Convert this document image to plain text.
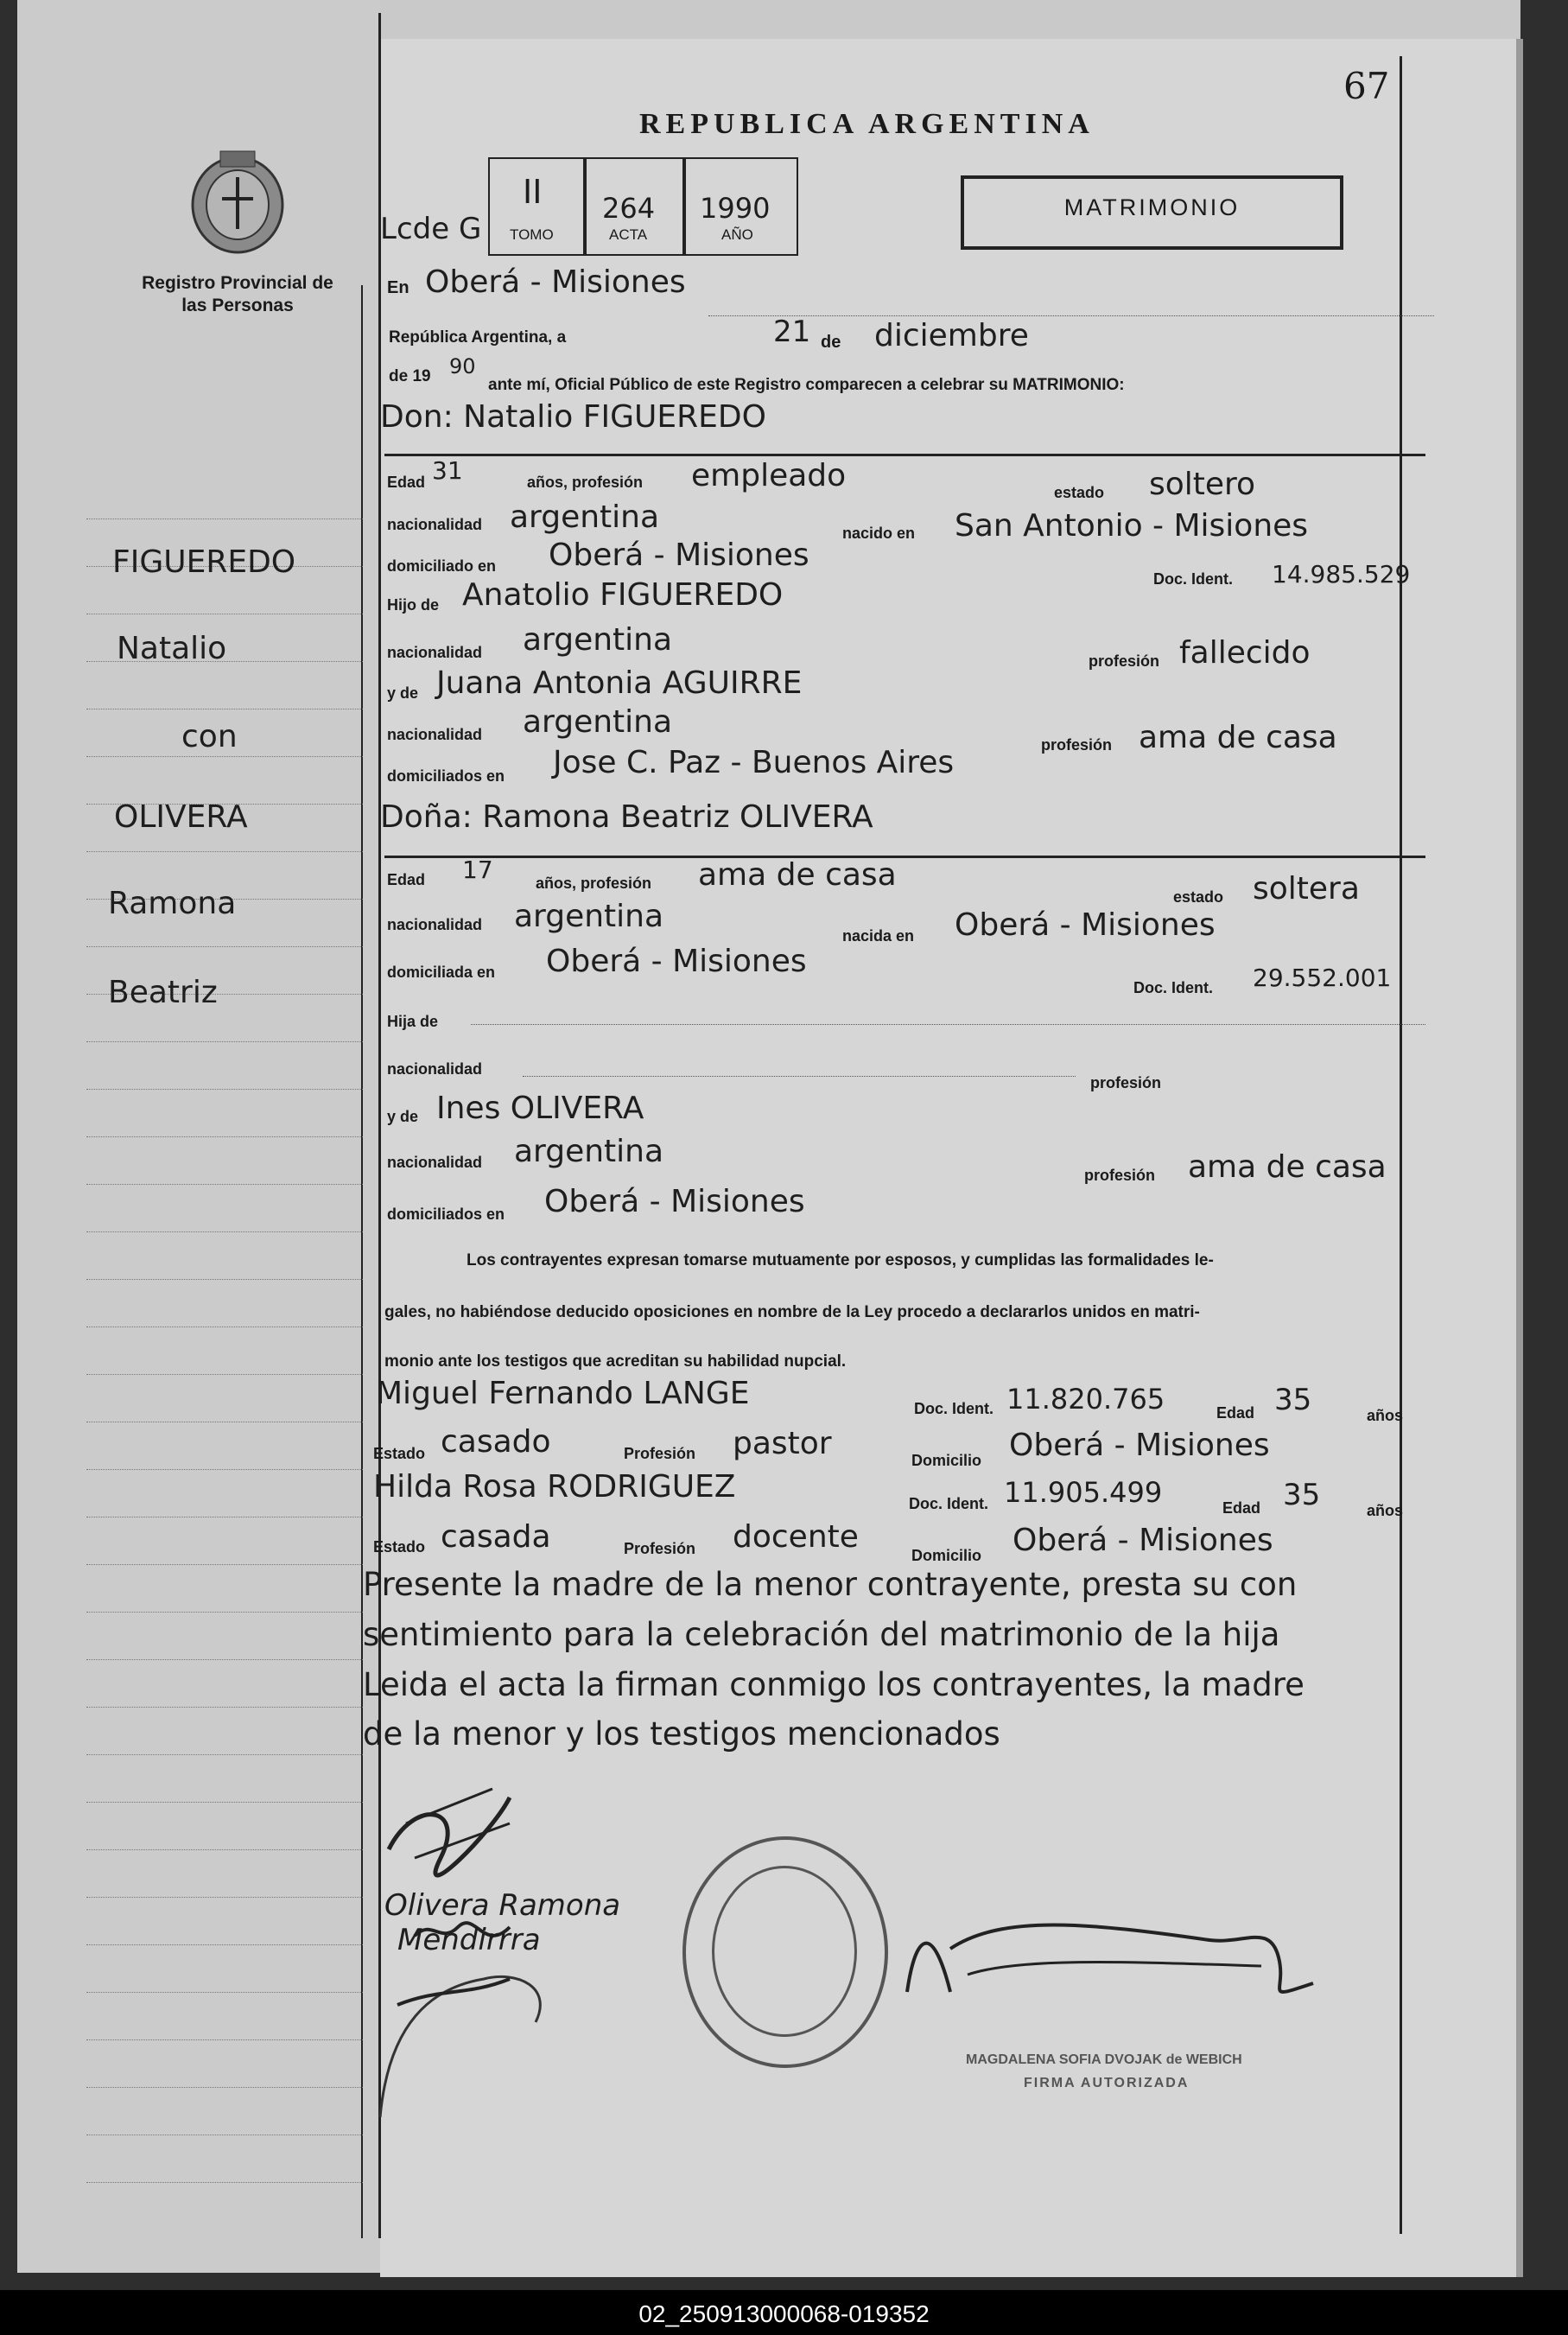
Registro Provincial de las Personas
67
REPUBLICA ARGENTINA
MATRIMONIO
Lcde G
II 264 1990
TOMO	ACTA	AÑO
En Oberá - Misiones
República Argentina, a	21 de diciembre
de 19 90
ante mí, Oficial Público de este Registro comparecen a celebrar su MATRIMONIO:
Don: Natalio FIGUEREDO
Edad 31	años, profesión empleado	estado soltero
nacionalidad argentina	nacido en San Antonio - Misiones
domiciliado en Oberá - Misiones
Doc. Ident. 14.985.529
Hijo de Anatolio FIGUEREDO
nacionalidad argentina
profesión fallecido
y de Juana Antonia AGUIRRE
nacionalidad argentina
profesión ama de casa
domiciliados en Jose C. Paz - Buenos Aires
Doña: Ramona Beatriz OLIVERA
Edad 17	años, profesión ama de casa
estado soltera
nacionalidad argentina
nacida en Oberá - Misiones
domiciliada en Oberá - Misiones
Doc. Ident. 29.552.001
Hija de
nacionalidad
profesión
y de Ines OLIVERA
nacionalidad argentina
profesión ama de casa
domiciliados en Oberá - Misiones
Los contrayentes expresan tomarse mutuamente por esposos, y cumplidas las formalidades le-
gales, no habiéndose deducido oposiciones en nombre de la Ley procedo a declararlos unidos en matri-
monio ante los testigos que acreditan su habilidad nupcial.
Miguel Fernando LANGE	Doc. Ident. 11.820.765	Edad 35	años
Estado casado	Profesión pastor	Domicilio Oberá - Misiones
Hilda Rosa RODRIGUEZ	Doc. Ident. 11.905.499	Edad 35	años
Estado casada	Profesión docente
Domicilio Oberá - Misiones
Presente la madre de la menor contrayente, presta su con
sentimiento para la celebración del matrimonio de la hija
Leida el acta la firman conmigo los contrayentes, la madre
de la menor y los testigos mencionados
FIGUEREDO
Natalio
con
OLIVERA
Ramona
Beatriz
Olivera Ramona
Mendirrra
MAGDALENA SOFIA DVOJAK de WEBICH
FIRMA AUTORIZADA
02_250913000068-019352
